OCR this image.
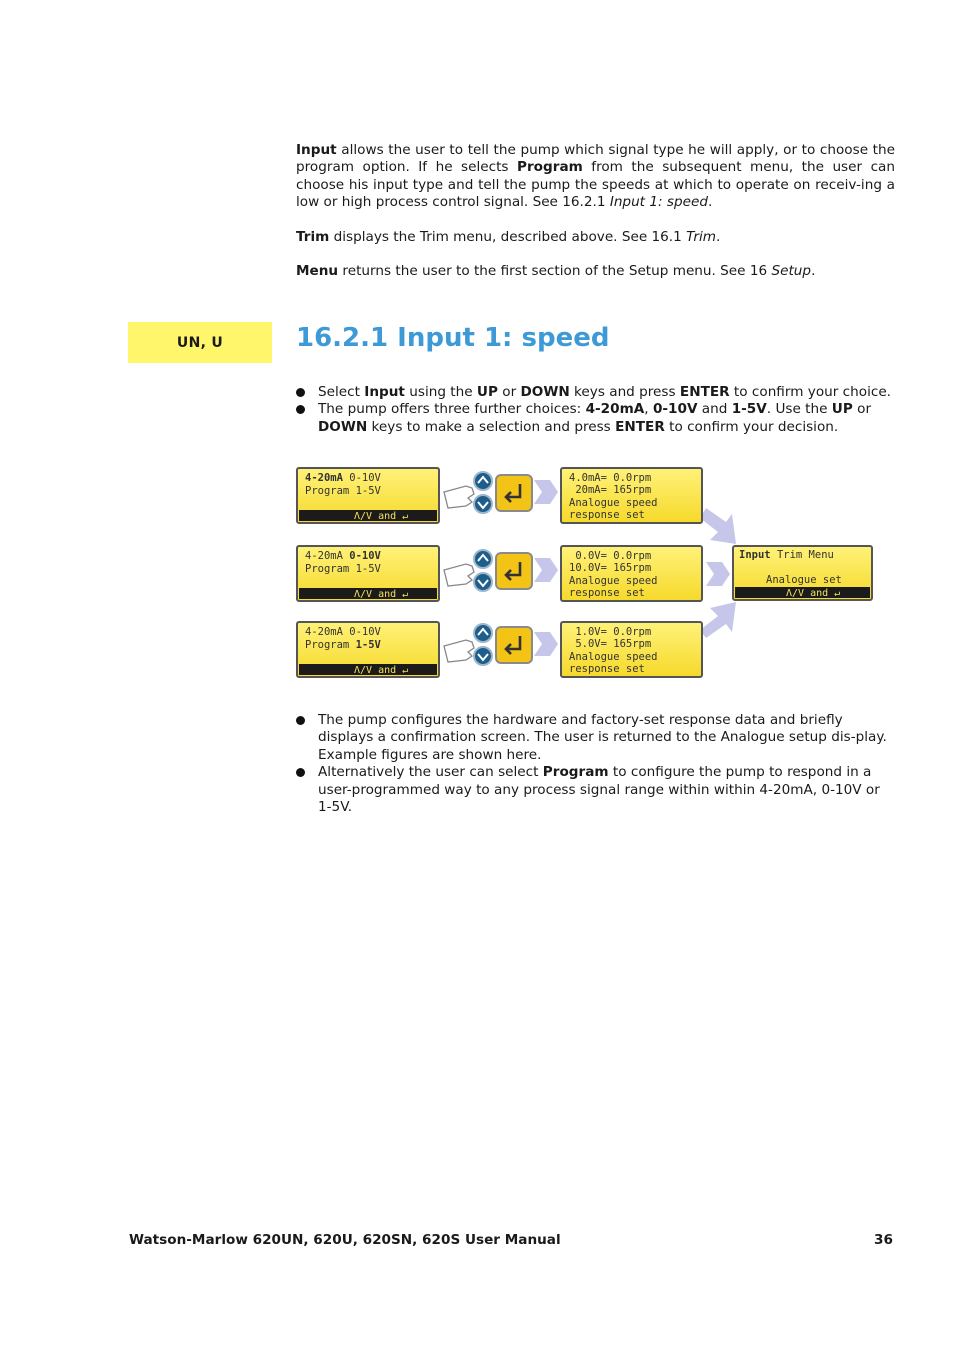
Input allows the user to tell the pump which signal type he will apply, or to choose the program option. If he selects Program from the subsequent menu, the user can choose his input type and tell the pump the speeds at which to operate on receiv-ing a low or high process control signal. See 16.2.1 Input 1: speed.

Trim displays the Trim menu, described above. See 16.1 Trim.

Menu returns the user to the first section of the Setup menu. See 16 Setup.

UN, U	16.2.1 Input 1: speed
Select Input using the UP or DOWN keys and press ENTER to confirm your choice.
The pump offers three further choices: 4-20mA, 0-10V and 1-5V. Use the UP or DOWN keys to make a selection and press ENTER to confirm your decision.
4-20mA 0-10V
Program 1-5V
Λ/V and ↵
4-20mA 0-10V
Program 1-5V
Λ/V and ↵
4-20mA 0-10V
Program 1-5V
Λ/V and ↵
4.0mA= 0.0rpm
20mA= 165rpm
Analogue speed
response set
0.0V= 0.0rpm
10.0V= 165rpm
Analogue speed
response set
1.0V= 0.0rpm
5.0V= 165rpm
Analogue speed
response set
Input Trim Menu
Analogue set
Λ/V and ↵
The pump configures the hardware and factory-set response data and briefly displays a confirmation screen. The user is returned to the Analogue setup dis-play. Example figures are shown here.
Alternatively the user can select Program to configure the pump to respond in a user-programmed way to any process signal range within within 4-20mA, 0-10V or 1-5V.
Watson-Marlow 620UN, 620U, 620SN, 620S User Manual	36
